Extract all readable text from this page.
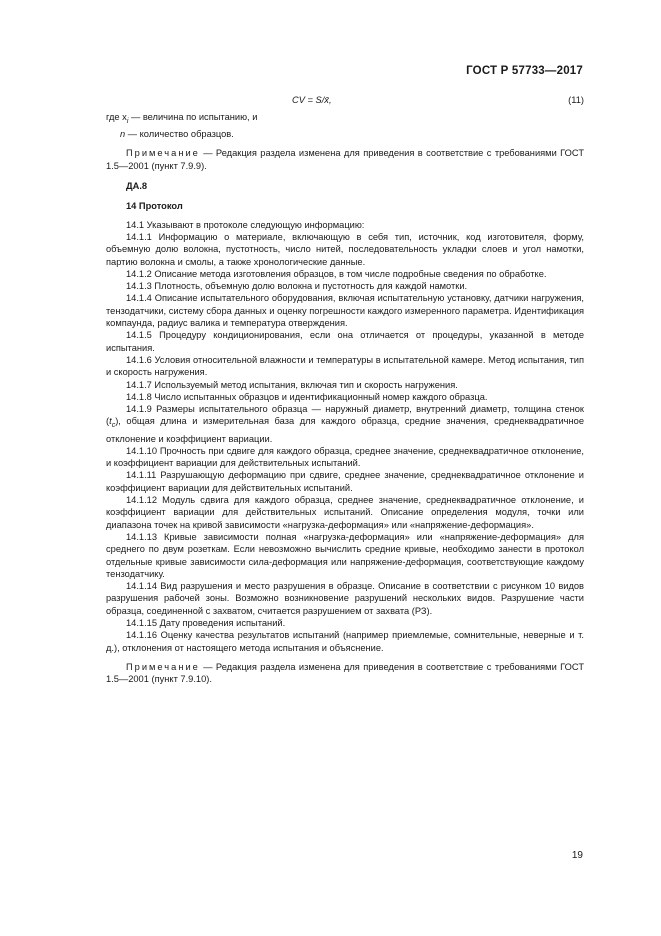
ГОСТ Р 57733—2017
CV = S/x̄,	(11)

где $x_i$ — величина по испытанию, и

n — количество образцов.

Примечание — Редакция раздела изменена для приведения в соответствие с требованиями ГОСТ 1.5—2001 (пункт 7.9.9).

ДА.8

14 Протокол

14.1 Указывают в протоколе следующую информацию:

14.1.1 Информацию о материале, включающую в себя тип, источник, код изготовителя, форму, объемную долю волокна, пустотность, число нитей, последовательность укладки слоев и угол намотки, партию волокна и смолы, а также хронологические данные.

14.1.2 Описание метода изготовления образцов, в том числе подробные сведения по обработке.

14.1.3 Плотность, объемную долю волокна и пустотность для каждой намотки.

14.1.4 Описание испытательного оборудования, включая испытательную установку, датчики нагружения, тензодатчики, систему сбора данных и оценку погрешности каждого измеренного параметра. Идентификация компаунда, радиус валика и температура отверждения.

14.1.5 Процедуру кондиционирования, если она отличается от процедуры, указанной в методе испытания.

14.1.6 Условия относительной влажности и температуры в испытательной камере. Метод испытания, тип и скорость нагружения.

14.1.7 Используемый метод испытания, включая тип и скорость нагружения.

14.1.8 Число испытанных образцов и идентификационный номер каждого образца.

14.1.9 Размеры испытательного образца — наружный диаметр, внутренний диаметр, толщина стенок $(t_c)$, общая длина и измерительная база для каждого образца, средние значения, среднеквадратичное отклонение и коэффициент вариации.

14.1.10 Прочность при сдвиге для каждого образца, среднее значение, среднеквадратичное отклонение, и коэффициент вариации для действительных испытаний.

14.1.11 Разрушающую деформацию при сдвиге, среднее значение, среднеквадратичное отклонение и коэффициент вариации для действительных испытаний.

14.1.12 Модуль сдвига для каждого образца, среднее значение, среднеквадратичное отклонение, и коэффициент вариации для действительных испытаний. Описание определения модуля, точки или диапазона точек на кривой зависимости «нагрузка-деформация» или «напряжение-деформация».

14.1.13 Кривые зависимости полная «нагрузка-деформация» или «напряжение-деформация» для среднего по двум розеткам. Если невозможно вычислить средние кривые, необходимо занести в протокол отдельные кривые зависимости сила-деформация или напряжение-деформация, соответствующие каждому тензодатчику.

14.1.14 Вид разрушения и место разрушения в образце. Описание в соответствии с рисунком 10 видов разрушения рабочей зоны. Возможно возникновение разрушений нескольких видов. Разрушение части образца, соединенной с захватом, считается разрушением от захвата (РЗ).

14.1.15 Дату проведения испытаний.

14.1.16 Оценку качества результатов испытаний (например приемлемые, сомнительные, неверные и т. д.), отклонения от настоящего метода испытания и объяснение.

Примечание — Редакция раздела изменена для приведения в соответствие с требованиями ГОСТ 1.5—2001 (пункт 7.9.10).

19
